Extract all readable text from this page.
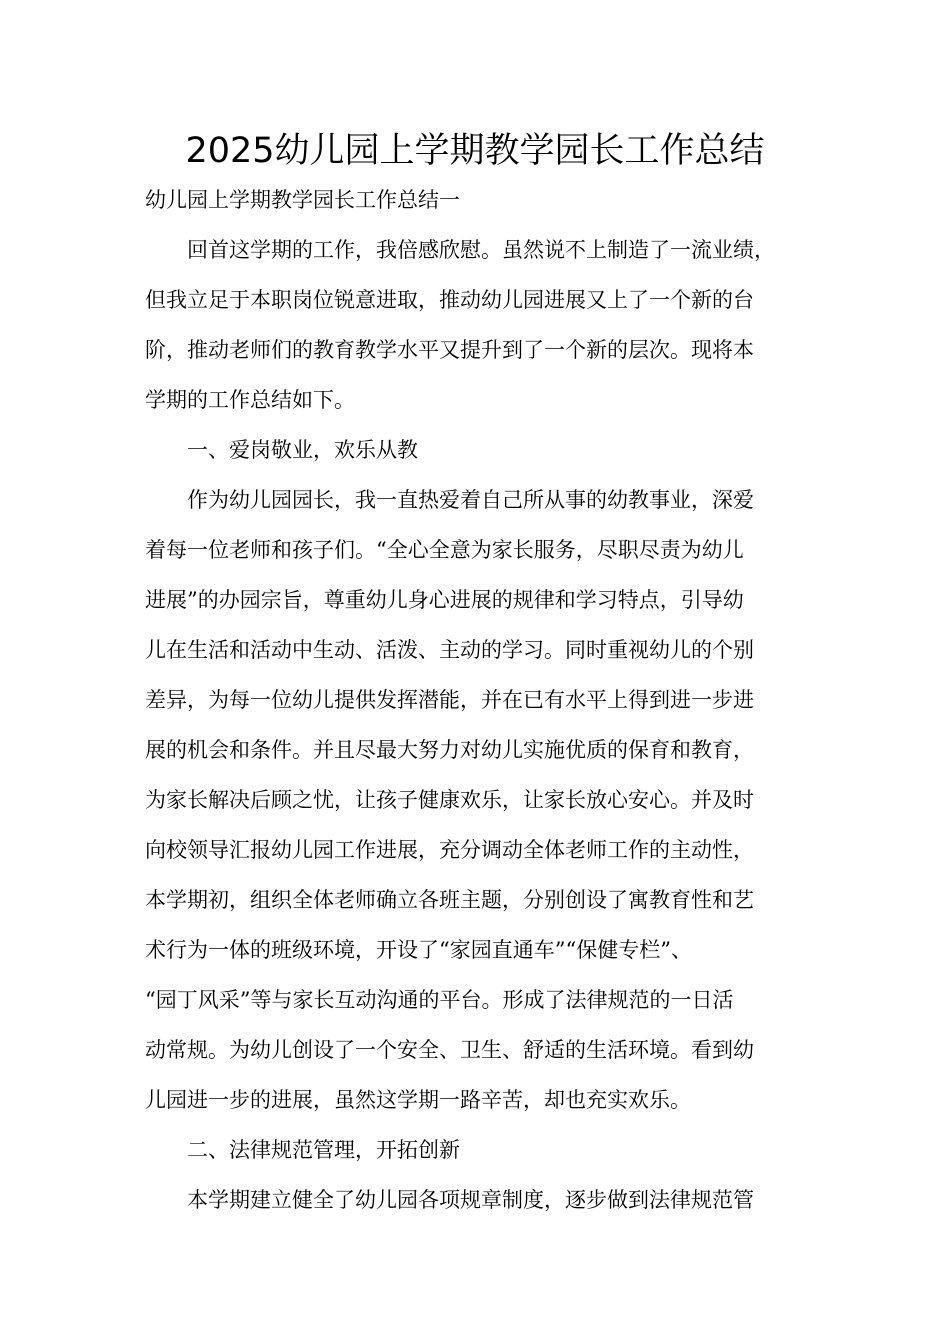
2025幼儿园上学期教学园长工作总结

幼儿园上学期教学园长工作总结一

回首这学期的工作，我倍感欣慰。虽然说不上制造了一流业绩，

但我立足于本职岗位锐意进取，推动幼儿园进展又上了一个新的台

阶，推动老师们的教育教学水平又提升到了一个新的层次。现将本

学期的工作总结如下。

一、爱岗敬业，欢乐从教

作为幼儿园园长，我一直热爱着自己所从事的幼教事业，深爱

着每一位老师和孩子们。“全心全意为家长服务，尽职尽责为幼儿

进展”的办园宗旨，尊重幼儿身心进展的规律和学习特点，引导幼

儿在生活和活动中生动、活泼、主动的学习。同时重视幼儿的个别

差异，为每一位幼儿提供发挥潜能，并在已有水平上得到进一步进

展的机会和条件。并且尽最大努力对幼儿实施优质的保育和教育，

为家长解决后顾之忧，让孩子健康欢乐，让家长放心安心。并及时

向校领导汇报幼儿园工作进展，充分调动全体老师工作的主动性，

本学期初，组织全体老师确立各班主题，分别创设了寓教育性和艺

术行为一体的班级环境，开设了“家园直通车”“保健专栏”、

“园丁风采”等与家长互动沟通的平台。形成了法律规范的一日活

动常规。为幼儿创设了一个安全、卫生、舒适的生活环境。看到幼

儿园进一步的进展，虽然这学期一路辛苦，却也充实欢乐。

二、法律规范管理，开拓创新

本学期建立健全了幼儿园各项规章制度，逐步做到法律规范管
